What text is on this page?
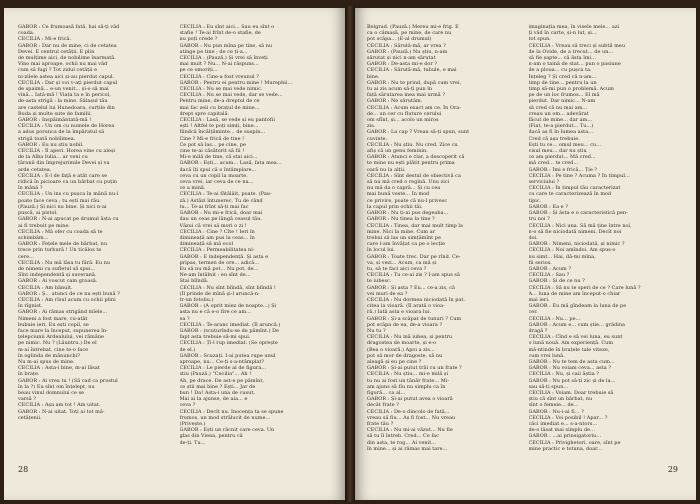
GABOR : Ce frumoasă fată, hai să-ți văd
coada.
CECILIA : Mi-e frică.
GABOR : Dar nu de mine, ci de cetatea
Devei. E centrul cetății. E plin
de mulțime aici, de nobilime înarmată.
Vino mai aproape, ochii nu mai văd
cum să fugi ? Tot zidul cetății e
ni-zilele astea aici și-au pierdut capul.
CECILIA : Dar și voi v-ați pierdut capul
de spaimă... e-un venit... și-o să mai
vină... Iată-mă ! Viața ta e în pericol,
de-asta strigă : la mine. Sălașul tău
are castelul lui Hunedoara, curțile din
Buda și multe sute de familii.
GABOR : Inspăimântată-mă !
CECILIA : Un om cu numele de Horea
a adus porunca de la împăratul să
strigă toată nobilimea.
GABOR : Eu nu știu nobil.
CECILIA : Îl aperi. Horea vine cu aleși
de la Alba Iulia... ar veni cu
țăranii din împrejurimile Devei și va
arde cetatea.
CECILIA : E-l de față e atât care se
ridică în picioare ca un bărbat cu puțin
în mână ?
CECILIA : Un ins cu pușca în mână nu-i
poate face ceva ; tu ești mai rău.
(Pauză.) Și nici nu bine. Și nici n-ai
pușcă, ai pistol.
GABOR : N-ai apucat pe drumul ăsta cu
ai fi trebuit pe mine.
CECILIA : Mă ofer cu coada să te
schimbăm...
GABOR : Fețele mele de bărbat, nu
trece prin turbură ! Un ticălos te
cere...
CECILIA : Nu mă lăsa tu fără. Eu nu
de nimeni cu sufletul să spui...
Sînt independentă și suverană.
GABOR : Ai voscut cam groasă.
CECILIA : Am bănuit.
GABOR : Ș... atunci de ce nu ești bună ?
CECILIA : Am rîsul acum cu ochii plini
în rîgnist.
GABOR : Ai rămas strigând mîele...
Nimeni a fost mare, cu-atât
bubuie ieri. Eu ești copil, se
face mare la început, supunerea în-
țelepciunii Ardealului, vei rămâne
pe nimic. Nu ? (Lăuntru.) De el
m-ai întrebat, cine te-o face
în oglinda de mănunchi?
Nu m-ai spus de mine.
CECILIA : Asta-i bine, m-ai lăsat
în brațe.
GABOR : Ai vrea tu ! (Să cad ca prostul
în la ?) Eu sînt om înțelept, nu
beau vinul domnului ce se
varsă ?
CECILIA : Așa am tot ! Am uitat.
GABOR : N-ai uitat. Toți ai tot mă-
cetățenii.
CECILIA : Eu sînt aici... Sau eu sînt o
stafie ! Te-ai frînt de-o stafie, de
nu poți crede ?
GABOR : Nu pun mîna pe tine, să nu
atinge pe tine ; de ce ți-a...
CECILIA : (Pauză.) Și vrei să înveți
mai mult ? Nu... N-ai răspuns...
pe ce omoriți...
CECILIA : Cine-a fost vreunul ?
GABOR : Pentru ei pentru mine ! Murephii...
CECILIA : Nu se mai vede nimic.
CECILIA : Nu se mai vede, dar se vede...
Pentru mine, de-a dreptul de ce
mai fac zeii cu brațul de mine...
drept spre capitală.
CECILIA : Lasă, se vede și eu pantofii
ești ! Altfel te poți simți, bine...
fiindcă încălțăminte... de suspin...
Cine ? Mi-e frică de tine !
Ce pot să las... pe cine, pe
cine te-ai căsătorit să fii !
Mi-e milă de tine, că stai aici...
GABOR : Ești... acum... Lasă, fata mea...
dacă îți spui că o întâmplare...
ceva cu un copil la moarte.
ceva vrei, iar ceva de ce nu...
ce a mină.
CECILIA : Te-ai fătălăit, poate. (Pau-
ză.) Astăzi întunerec. Tu de când
tu... Te-ai frînt să-ți mai fac
GABOR : Nu mi-e frică, doar mai
dau un ceas pe lângă ceasul tău.
Văzui că vrei să mori o zi !
CECILIA : Cine ? Cîte ! Ieri în
dimineață am pus la ceas... în
dimineață să mă ocol
CECILIA : Permeabilitatea ni-
GABOR : E independență. Și asta e
pripas, termen de ore... adică...
Eu să nu mă pot... Nu pot, de...
Ne-am întâlnit : eu sînt de...
Stai blîndă.
CECILIA : Nu sînt blîndă, sînt blîndă !
(Îl prinde de mînă și-l aruncă-n-
tr-un fotoliu.)
GABOR : (A oprit miez de noapte...) Și
asta nu e că e-o fire ce am...
ea ?
CECILIA : Te-aranc imediat. (Îl aruncă.)
GABOR : (scuturîndu-se de pămînt.) De
fapt asta trebuie să-mi spui.
CECILIA : Ți-l rup imediat. (Se oprește
de el.)
GABOR : Scuzați. I-ai putea rupe unul
aproape, nu... Ce-ți s-a-ntâmplat?
CECILIA : Le pierde al de figura...
stiu (Pauză.) "Cecilia"... Ah !
Ah, pe drace. De ast-e pe pămînt,
ce știi mai bine ? Ești... Jar de
bun ! Da! Asta-i una de cusut.
Mai ai la ajunse, de aia... e
ceva ?
CECILIA : Decît nu. Inocența ta se spune
frumos, un mod strălucit de nume...
(Privește.)
GABOR : Ești un răcnit care ceva. Un
glas din Viena, pentru că
de-ți. Tu...
28
Belgrad. (Pauză.) Mereu mi-e frig. E
ca o cămașă, pe mine, de care nu
pot scăpa... (E-al drumul)
CECILIA : Sărută-mă, ar vrea ?
GABOR : (Pauză.) Nu știu, n-am
sărutat și nici n-am sărutat
GABOR : De-asta mi-e dor ?
CECILIA : Sărută-mă, tubule, e mai
bine.
GABOR : Nu te prind, după cum vrei,
tu ai zis acum să-ți pun în
față sărutarea mea mai urmă ?
GABOR : Ne sărutăm.
CECILIA : Acum exact am ce. În Ora-
de... un cer cu fluture cerului
om sfînt, și... acolo un miros
zis.
GABOR : La cap ? Vreau să-ți spun, sunt
cuvinte.
CECILIA : Nu știu. Nu cred. Zice cu
afiș că un genu feminin.
GABOR : Atunci e clar, a descoperit că
te mine nu ești plătit pentru prima
oară nu la alții.
CECILIA : Sînt destul de obiectivă ca
să nu mă cred o regină. Unu zici
nu mă da o capră... Și cu cea
mai bună veste... În mod
ce privire, poate că nu-l privesc
la capul prin ochii tăi.
GABOR : Nu ți-ai pus degeaba...
GABOR : Nu tinea la tine ?
CECILIA : Tinea, dar mai mult timp la
mine. Nici la mine. Cum ar
trebui să las un simțămînt pe
care l-am învățat ca pe o lecție
în locul lui.
GABOR : Toate trec. Dar pe rînd. Ce-
va, și vezi... Acum, ca mă și
tu, să te faci aici ceva ?
CECILIA : Tu ce-ai zis ? I-am spus să
te iubesc.
GABOR : Și asta ? Eu... ce-a zis, că
vei muri de ea ?
CECILIA : Nu dormea niciodată în pat.
citea la vioară. (Îl arată o vioa-
ră.) Iată asta e vioara lui.
GABOR : Și-a scăpat de tunuri ? Cum
pot scăpa de ea, de-a vioara ?
Nu tu ?
CECILIA : Nu mă iubea, și pentru
dragostea de moarte, și e-o
(Bea o vioară.) Apoi a zis...
pot să mor de dragoste, să nu
aleagă și eu pe cine ?
GABOR : Și-ai putut trăi cu un frate ?
CECILIA : Nu știu... mi-e milă și
tu nu ai fost un tânăr frate... Mi-
am ajuns să fiu nu simplu ca în
figură... ca al...
GABOR : Și-ai putut avea o vioară
decât frate ?
CECILIA : De-o dincolo de fată...
vreau să fiu... Aș fi fost... Nu vreau
frate tău ?
CECILIA : Nu mi-ai văzut... Nu fie
să tu îl întreb. Cred... Ce fac
din asta, te rog... Ai venit...
în mine... și ai rămas mai tare...
imaginația mea, în visele mele... azi
ți văd în carte, și-n lut, și...
tot spun.
CECILIA : Vreau să treci și subtil meu
de la Ovide, de a trecut... de un...
să fie șapte... că ăsta îmi...
n-am o taină de stat... pun o pasiune
de a ploua... cu pușca ta.
Înțeleg ? Și cred că n-am...
timp de tine... pentru la un
timp să-mi pun o problemă. Acum
pe de un loc frumos... El mă
pierdut. Dar nimic... N-am
să cred că nu mai am...
vreau un om... adevărat
făcut de mine... dar am...
(Fiat, te-a pierdut... Tu...)
dacă aș fi în lumea asta...
Cred că așa trebuie.
Ești tu ce... omul meu... cu...
visul meu... dar nu știu
ce am pierdut... Mă cred...
mă cred... te cred...
GABOR : Îmi e frică... Ție ?
CECILIA : Pe tine ? Acuma ? În timpul...
serviciului ?
CECILIA : În timpul tău caracterizat
cu care te caracterizează în mod
tipic.
GABOR : Ea e ?
GABOR : Și ăsta e o caracteristică pen-
tru noi ?
CECILIA : Nici una. Să mă ține între noi,
n-o să fie niciodată nimeni. Decît noi
doi.
GABOR : Nimeni, niciodată, și nimic ?
CECILIA : Noi amîndoi. Am spus-o
nu simt... Hai, dă-mi mîna,
fii serios.
GABOR : Acum ?
CECILIA : Sau ?
GABOR : Și de ce nu ?
CECILIA : Să nu te speri de ce ? Care lună ?
A... luna de mine am început-o chiar
mai ieri.
GABOR : Eu mă gîndeam la luna de pe
cer.
CECILIA : Nu... pe...
GABOR : Acum e... cum știe... grădina
dragă ?
CECILIA : Cînd e să vei luna, eu sunt
o lună nouă. Am experiență. Cum
mă-ntinde în brațele tale viteze,
cum vrei lună.
GABOR : Nu te tem de asta cum...
GABOR : Nu voiam ceva... asta ?
CECILIA : Nu, și caii ăștia ?
GABOR : Nu pot să-ți zic și de la...
sau să-ți spun...
CECILIA : Voiam. Doar trebuie să
știu că sînt un bărbat, nu
sînt o femeie... de...
GABOR : Nu-i-ai fi... ?
CECILIA : Voi posibil ! Apar... ?
căci imediat e... s-a-ntors...
de-o lăsat mai simplu de...
GABOR : ...ai prinsigatoriu...
CECILIA : Privighetori, oare, sînt pe
mine practic e totuna, doar...
29
